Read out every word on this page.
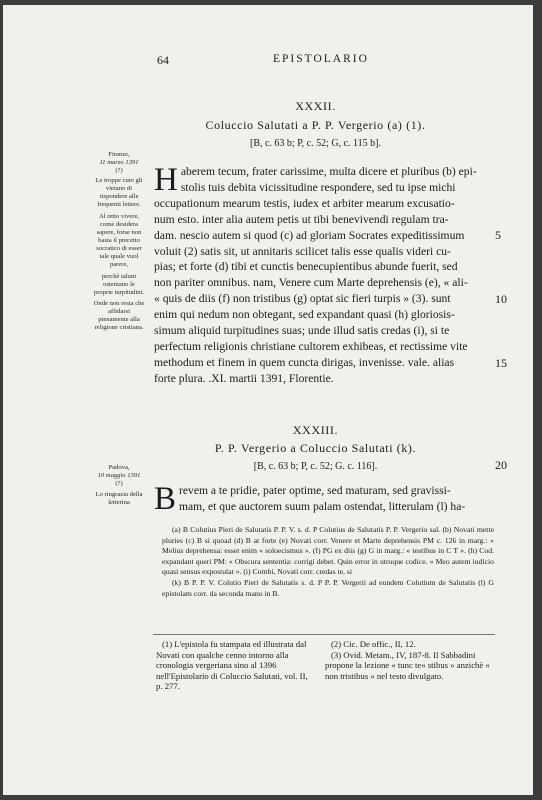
64	EPISTOLARIO
XXXII.
Coluccio Salutati a P. P. Vergerio (a) (1).
[B, c. 63 b; P, c. 52; G, c. 115 b].
Firenze,
11 marzo 1391
(?)
Le troppe cure gli vietano di rispondere alle frequenti lettere.
Al retto vivere, come desidera sapere, forse non basta il precetto socratico di esser tale quale vuol parere,
perchè taluni ostentano le proprie turpitudini.
Onde non resta che affidarsi pienamente alla religione cristiana.
H aberem tecum, frater carissime, multa dicere et pluribus (b) epi-

stolis tuis debita vicissitudine respondere, sed tu ipse michi

occupationum mearum testis, iudex et arbiter mearum excusatio-

num esto. inter alia autem petis ut tibi benevivendi regulam tra-

dam. nescio autem si quod (c) ad gloriam Socrates expeditissimum

voluit (2) satis sit, ut annitaris scilicet talis esse qualis videri cu-

pias; et forte (d) tibi et cunctis benecupientibus abunde fuerit, sed

non pariter omnibus. nam, Venere cum Marte deprehensis (e), « ali-

« quis de diis (f) non tristibus (g) optat sic fieri turpis » (3). sunt

enim qui nedum non obtegant, sed expandant quasi (h) gloriosis-

simum aliquid turpitudines suas; unde illud satis credas (i), si te

perfectum religionis christiane cultorem exhibeas, et rectissime vite

methodum et finem in quem cuncta dirigas, invenisse. vale. alias

forte plura. .XI. martii 1391, Florentie.

XXXIII.
P. P. Vergerio a Coluccio Salutati (k).
[B, c. 63 b; P, c. 52; G. c. 116].
Padova,
10 maggio 1391
(?)
Lo ringrazia della letterina B revem a te pridie, pater optime, sed maturam, sed gravissi-

mam, et que auctorem suum palam ostendat, litterulam (l) ha-

5
10
15
20

(a) B Colutius Pieri de Salutatis P. P. V. s. d. P Colutius de Salutatis P. P. Vergerio sal. (b) Novati mette pluries (c) B si quoad (d) B at forte (e) Novati corr. Venere et Marte deprehensis PM c. 126 in marg.: « Melius deprehensa: esset enim « soloecismus ». (f) PG ex diis (g) G in marg.: « testibus in C T ». (h) Cod. expandant queri PM: « Obscura sententia: corrigi debet. Quin error in utroque codice. « Meo autem iudicio quasi sensus expostulat ». (i) Combi, Novati corr. credas te, si

(k) B P. P. V. Colutio Pieri de Salutatis s. d. P P. P. Vergerii ad eundem Colutium de Salutatis (l) G epistolam corr. da seconda mano in B.

(1) L'epistola fu stampata ed illustrata dal Novati con qualche cenno intorno alla cronologia vergeriana sino al 1396 nell'Epistolario di Coluccio Salutati, vol. II, p. 277.

(2) Cic. De offic., II, 12.

(3) Ovid. Metam., IV, 187-8. Il Sabbadini propone la lezione « tunc te« stibus » anzichè « non tristibus » nel testo divulgato.
